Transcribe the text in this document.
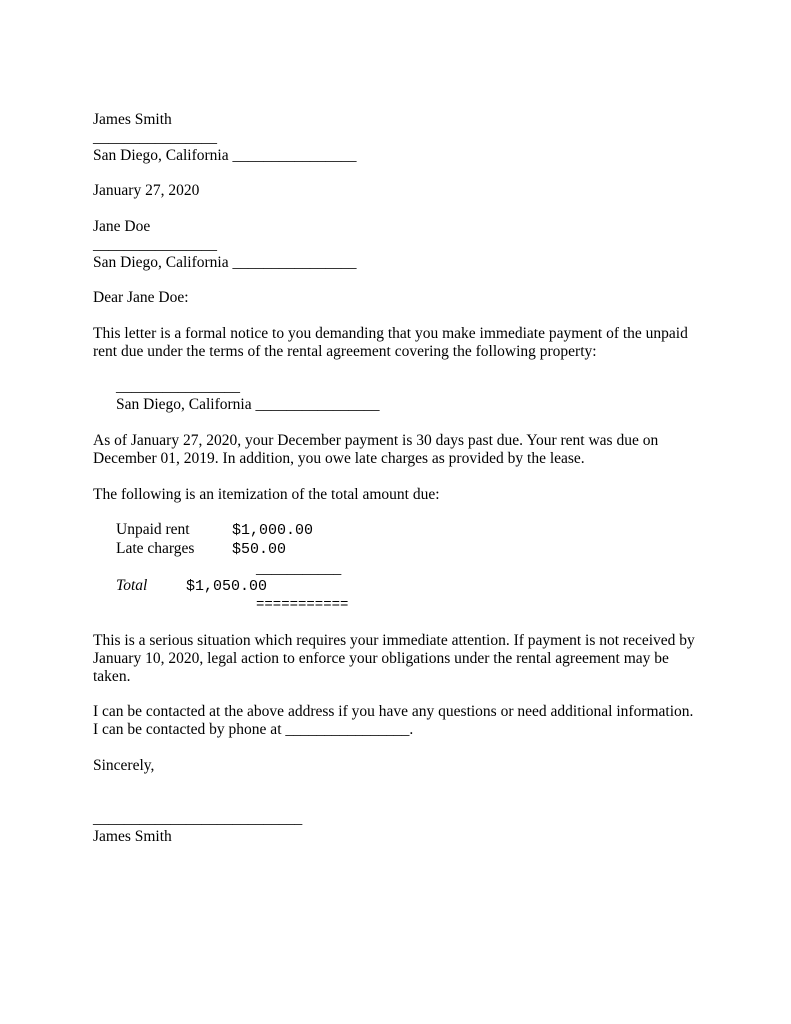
James Smith
________________
San Diego, California ________________
January 27, 2020
Jane Doe
________________
San Diego, California ________________
Dear Jane Doe:
This letter is a formal notice to you demanding that you make immediate payment of the unpaid
rent due under the terms of the rental agreement covering the following property:
________________
San Diego, California ________________
As of January 27, 2020, your December payment is 30 days past due. Your rent was due on
December 01, 2019. In addition, you owe late charges as provided by the lease.
The following is an itemization of the total amount due:
Unpaid rent	$1,000.00
Late charges	$50.00
___________
Total	$1,050.00
===========
This is a serious situation which requires your immediate attention. If payment is not received by
January 10, 2020, legal action to enforce your obligations under the rental agreement may be
taken.
I can be contacted at the above address if you have any questions or need additional information.
I can be contacted by phone at ________________.
Sincerely,
___________________________
James Smith
